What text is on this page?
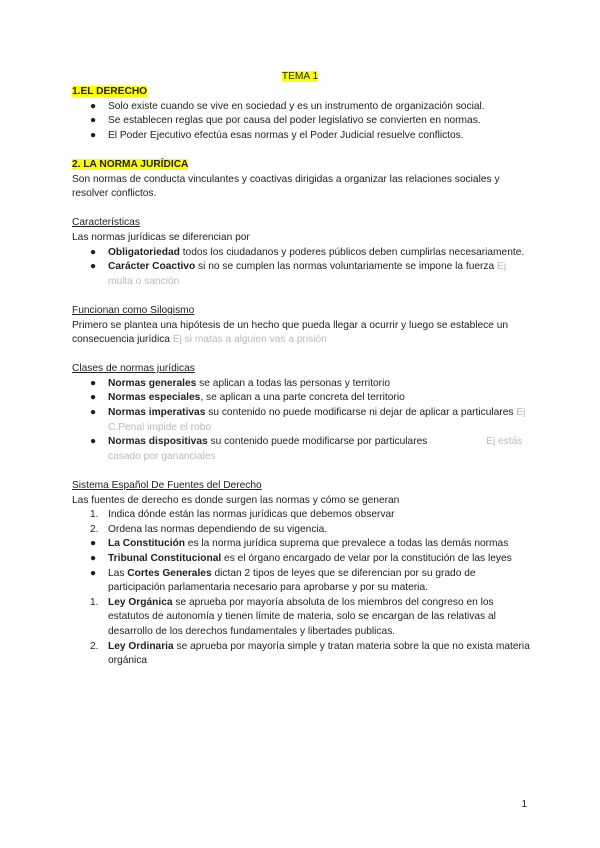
TEMA 1

1.EL DERECHO

● Solo existe cuando se vive en sociedad y es un instrumento de organización social.
● Se establecen reglas que por causa del poder legislativo se convierten en normas.
● El Poder Ejecutivo efectúa esas normas y el Poder Judicial resuelve conflictos.

2. LA NORMA JURÍDICA

Son normas de conducta vinculantes y coactivas dirigidas a organizar las relaciones sociales y resolver conflictos.

Características

Las normas jurídicas se diferencian por

● Obligatoriedad todos los ciudadanos y poderes públicos deben cumplirlas necesariamente.
● Carácter Coactivo si no se cumplen las normas voluntariamente se impone la fuerza Ej multa o sanción

Funcionan como Silogismo

Primero se plantea una hipótesis de un hecho que pueda llegar a ocurrir y luego se establece un consecuencia jurídica Ej si matas a alguien vas a prisión

Clases de normas jurídicas

● Normas generales se aplican a todas las personas y territorio
● Normas especiales, se aplican a una parte concreta del territorio
● Normas imperativas su contenido no puede modificarse ni dejar de aplicar a particulares Ej C.Penal impide el robo
● Normas dispositivas su contenido puede modificarse por particulares	Ej estás casado por gananciales

Sistema Español De Fuentes del Derecho

Las fuentes de derecho es donde surgen las normas y cómo se generan

1. Indica dónde están las normas jurídicas que debemos observar
2. Ordena las normas dependiendo de su vigencia.
● La Constitución es la norma jurídica suprema que prevalece a todas las demás normas
● Tribunal Constitucional es el órgano encargado de velar por la constitución de las leyes
● Las Cortes Generales dictan 2 tipos de leyes que se diferencian por su grado de participación parlamentaria necesario para aprobarse y por su materia.
1. Ley Orgánica se aprueba por mayoría absoluta de los miembros del congreso en los estatutos de autonomía y tienen límite de materia, solo se encargan de las relativas al desarrollo de los derechos fundamentales y libertades publicas.
2. Ley Ordinaria se aprueba por mayoría simple y tratan materia sobre la que no exista materia orgánica
1
